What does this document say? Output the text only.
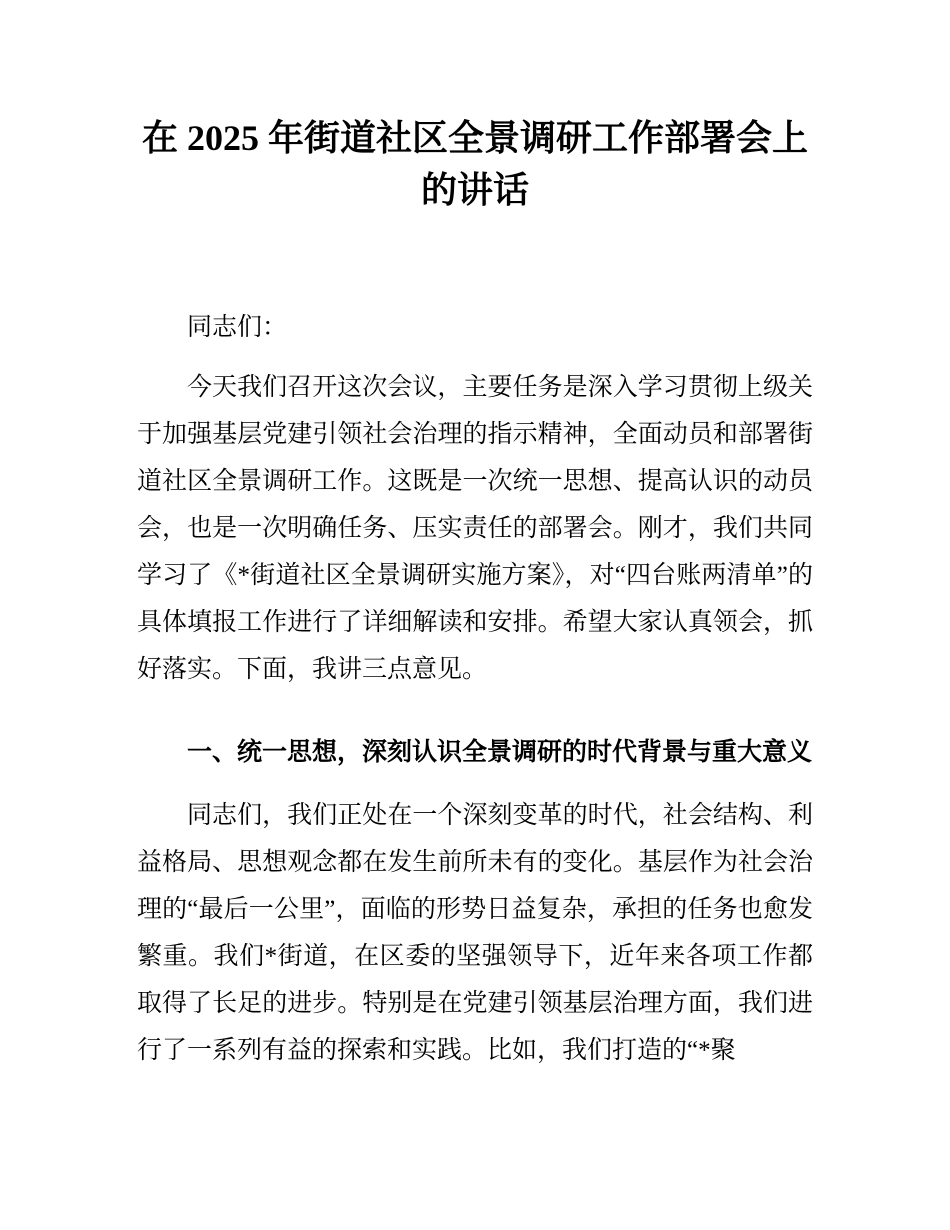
在 2025 年街道社区全景调研工作部署会上的讲话

同志们：

今天我们召开这次会议，主要任务是深入学习贯彻上级关于加强基层党建引领社会治理的指示精神，全面动员和部署街道社区全景调研工作。这既是一次统一思想、提高认识的动员会，也是一次明确任务、压实责任的部署会。刚才，我们共同学习了《*街道社区全景调研实施方案》，对“四台账两清单”的具体填报工作进行了详细解读和安排。希望大家认真领会，抓好落实。下面，我讲三点意见。

一、统一思想，深刻认识全景调研的时代背景与重大意义

同志们，我们正处在一个深刻变革的时代，社会结构、利益格局、思想观念都在发生前所未有的变化。基层作为社会治理的“最后一公里”，面临的形势日益复杂，承担的任务也愈发繁重。我们*街道，在区委的坚强领导下，近年来各项工作都取得了长足的进步。特别是在党建引领基层治理方面，我们进行了一系列有益的探索和实践。比如，我们打造的“*聚
